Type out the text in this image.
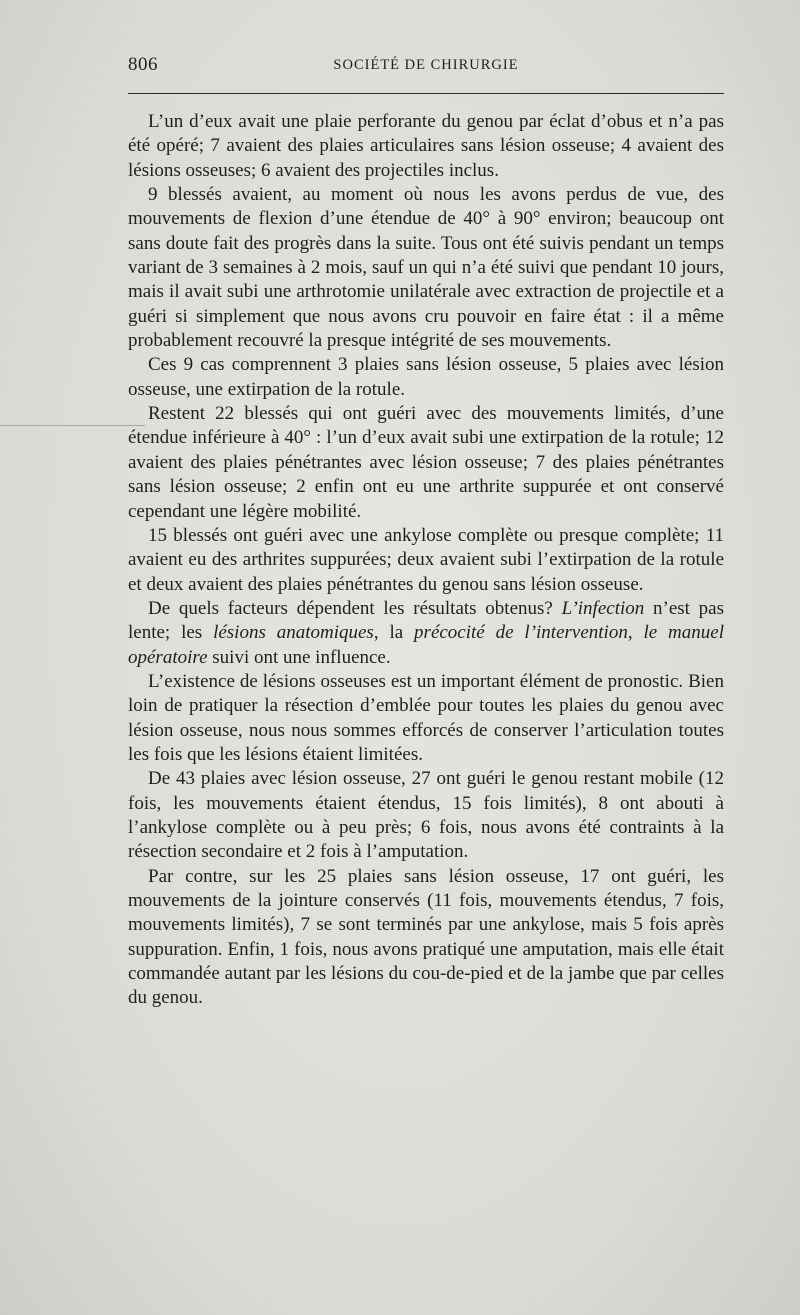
806	SOCIÉTÉ DE CHIRURGIE

L’un d’eux avait une plaie perforante du genou par éclat d’obus et n’a pas été opéré; 7 avaient des plaies articulaires sans lésion osseuse; 4 avaient des lésions osseuses; 6 avaient des projectiles inclus.

9 blessés avaient, au moment où nous les avons perdus de vue, des mouvements de flexion d’une étendue de 40° à 90° environ; beaucoup ont sans doute fait des progrès dans la suite. Tous ont été suivis pendant un temps variant de 3 semaines à 2 mois, sauf un qui n’a été suivi que pendant 10 jours, mais il avait subi une arthrotomie unilatérale avec extraction de projectile et a guéri si simplement que nous avons cru pouvoir en faire état : il a même probablement recouvré la presque intégrité de ses mouvements.

Ces 9 cas comprennent 3 plaies sans lésion osseuse, 5 plaies avec lésion osseuse, une extirpation de la rotule.

Restent 22 blessés qui ont guéri avec des mouvements limités, d’une étendue inférieure à 40° : l’un d’eux avait subi une extirpation de la rotule; 12 avaient des plaies pénétrantes avec lésion osseuse; 7 des plaies pénétrantes sans lésion osseuse; 2 enfin ont eu une arthrite suppurée et ont conservé cependant une légère mobilité.

15 blessés ont guéri avec une ankylose complète ou presque complète; 11 avaient eu des arthrites suppurées; deux avaient subi l’extirpation de la rotule et deux avaient des plaies pénétrantes du genou sans lésion osseuse.

De quels facteurs dépendent les résultats obtenus? L’infection n’est pas lente; les lésions anatomiques, la précocité de l’intervention, le manuel opératoire suivi ont une influence.

L’existence de lésions osseuses est un important élément de pronostic. Bien loin de pratiquer la résection d’emblée pour toutes les plaies du genou avec lésion osseuse, nous nous sommes efforcés de conserver l’articulation toutes les fois que les lésions étaient limitées.

De 43 plaies avec lésion osseuse, 27 ont guéri le genou restant mobile (12 fois, les mouvements étaient étendus, 15 fois limités), 8 ont abouti à l’ankylose complète ou à peu près; 6 fois, nous avons été contraints à la résection secondaire et 2 fois à l’amputation.

Par contre, sur les 25 plaies sans lésion osseuse, 17 ont guéri, les mouvements de la jointure conservés (11 fois, mouvements étendus, 7 fois, mouvements limités), 7 se sont terminés par une ankylose, mais 5 fois après suppuration. Enfin, 1 fois, nous avons pratiqué une amputation, mais elle était commandée autant par les lésions du cou-de-pied et de la jambe que par celles du genou.
